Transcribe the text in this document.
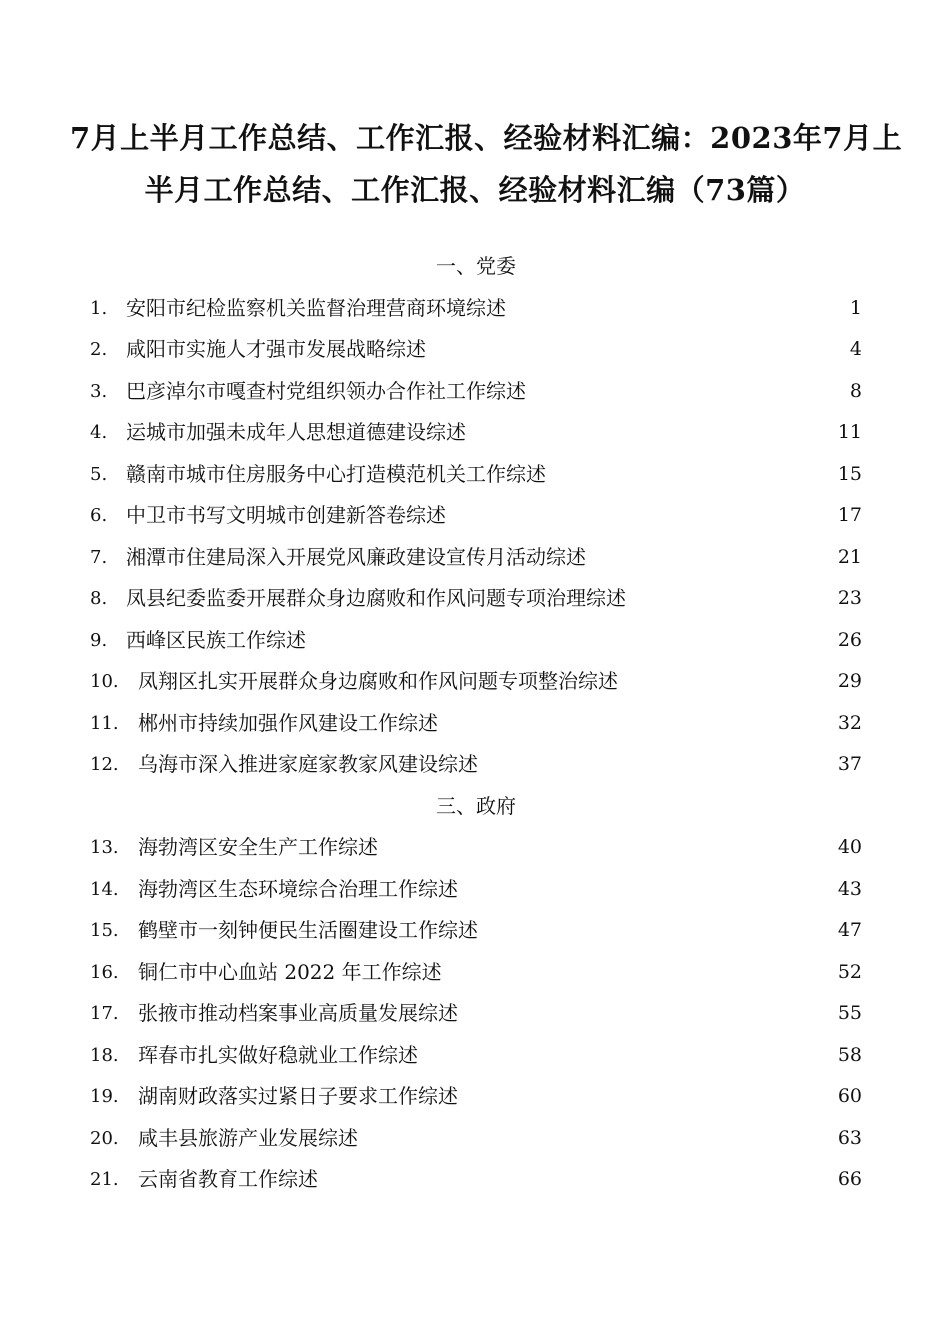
7月上半月工作总结、工作汇报、经验材料汇编：2023年7月上
半月工作总结、工作汇报、经验材料汇编（73篇）
一、党委
1. 安阳市纪检监察机关监督治理营商环境综述	1
2. 咸阳市实施人才强市发展战略综述	4
3. 巴彦淖尔市嘎查村党组织领办合作社工作综述	8
4. 运城市加强未成年人思想道德建设综述	11
5. 赣南市城市住房服务中心打造模范机关工作综述	15
6. 中卫市书写文明城市创建新答卷综述	17
7. 湘潭市住建局深入开展党风廉政建设宣传月活动综述	21
8. 凤县纪委监委开展群众身边腐败和作风问题专项治理综述	23
9. 西峰区民族工作综述	26
10. 凤翔区扎实开展群众身边腐败和作风问题专项整治综述	29
11. 郴州市持续加强作风建设工作综述	32
12. 乌海市深入推进家庭家教家风建设综述	37
三、政府
13. 海勃湾区安全生产工作综述	40
14. 海勃湾区生态环境综合治理工作综述	43
15. 鹤壁市一刻钟便民生活圈建设工作综述	47
16. 铜仁市中心血站 2022 年工作综述	52
17. 张掖市推动档案事业高质量发展综述	55
18. 珲春市扎实做好稳就业工作综述	58
19. 湖南财政落实过紧日子要求工作综述	60
20. 咸丰县旅游产业发展综述	63
21. 云南省教育工作综述	66
